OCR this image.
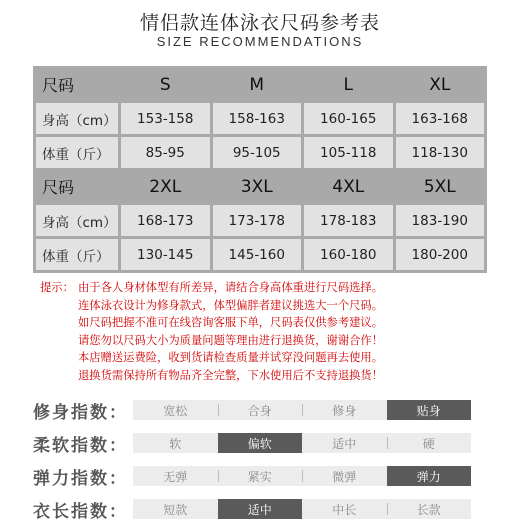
情侣款连体泳衣尺码参考表
SIZE RECOMMENDATIONS
尺码	S	M	L	XL
身高（cm）	153-158	158-163	160-165	163-168
体重（斤）	85-95	95-105	105-118	118-130
尺码	2XL	3XL	4XL	5XL
身高（cm）	168-173	173-178	178-183	183-190
体重（斤）	130-145	145-160	160-180	180-200
提示： 由于各人身材体型有所差异，请结合身高体重进行尺码选择。
连体泳衣设计为修身款式，体型偏胖者建议挑选大一个尺码。
如尺码把握不准可在线咨询客服下单，尺码表仅供参考建议。
请您勿以尺码大小为质量问题等理由进行退换货，谢谢合作！
本店赠送运费险，收到货请检查质量并试穿没问题再去使用。
退换货需保持所有物品齐全完整，下水使用后不支持退换货！
修身指数：	宽松	合身	修身	贴身
柔软指数：	软	偏软	适中	硬
弹力指数：	无弹	紧实	微弹	弹力
衣长指数：	短款	适中	中长	长款
